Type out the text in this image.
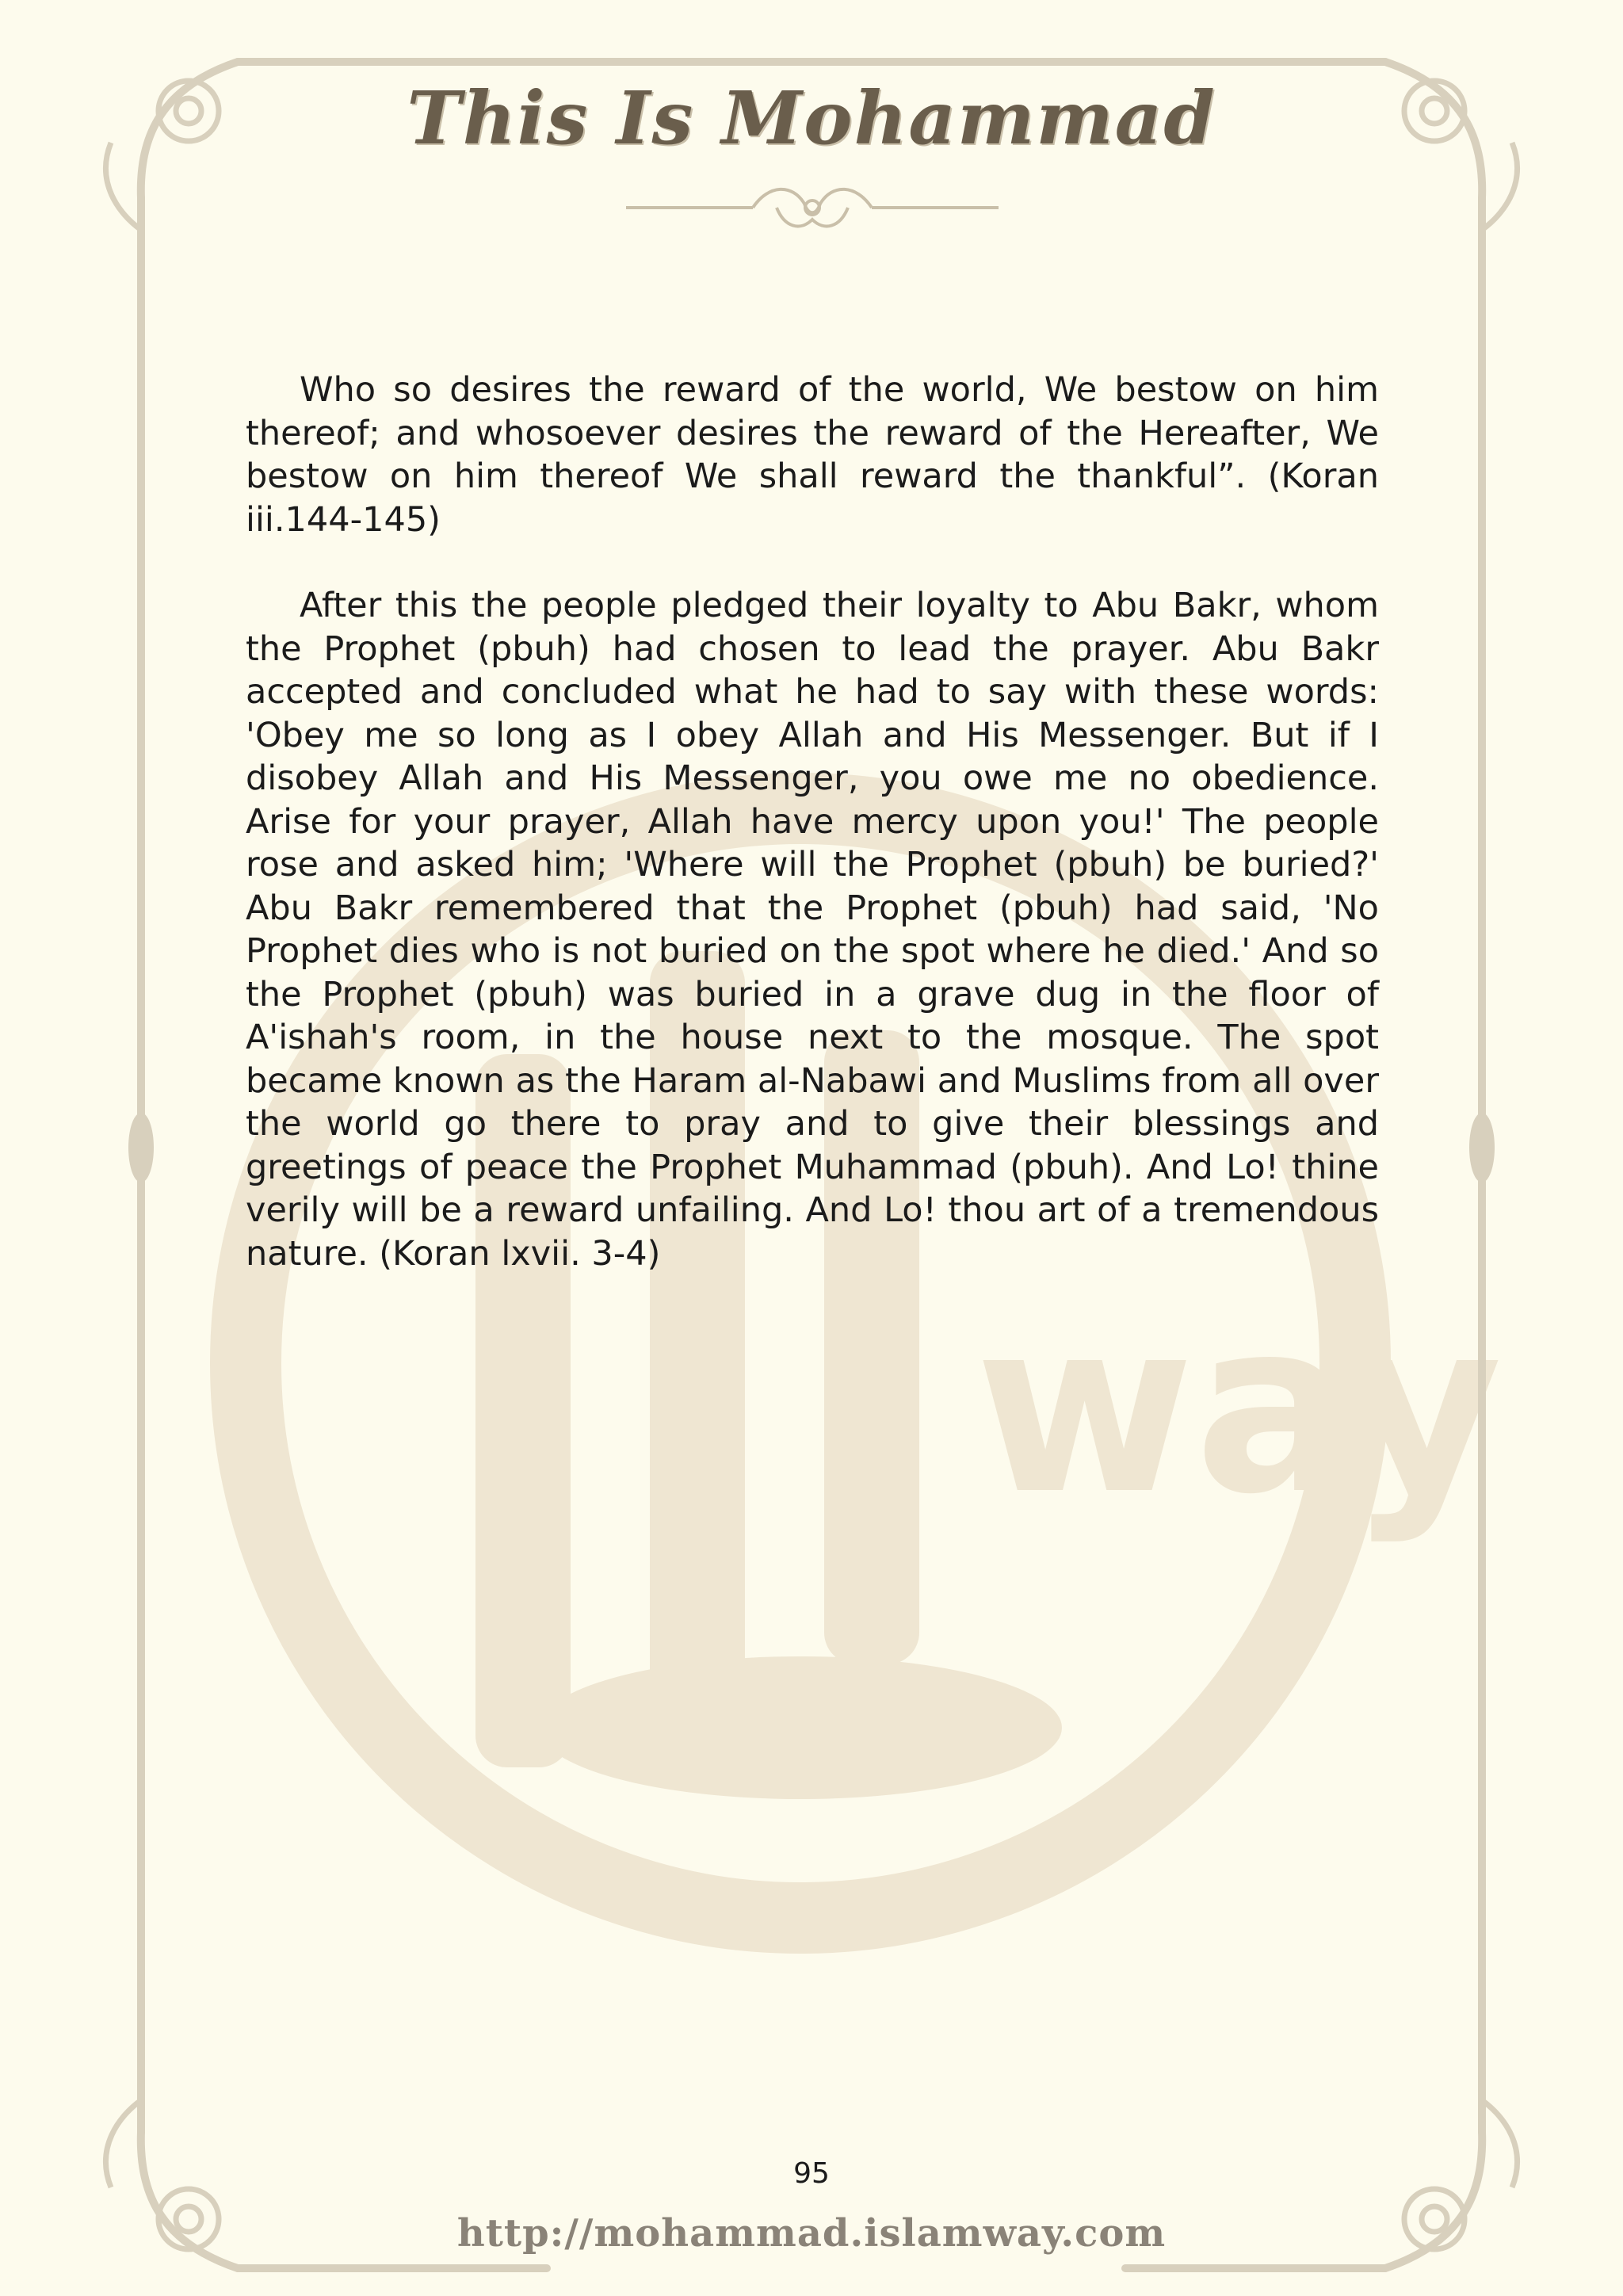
way
This Is Mohammad

Who so desires the reward of the world, We bestow on him thereof; and whosoever desires the reward of the Hereafter, We bestow on him thereof We shall reward the thankful”. (Koran iii.144-145)

After this the people pledged their loyalty to Abu Bakr, whom the Prophet (pbuh) had chosen to lead the prayer. Abu Bakr accepted and concluded what he had to say with these words: 'Obey me so long as I obey Allah and His Messenger. But if I disobey Allah and His Messenger, you owe me no obedience. Arise for your prayer, Allah have mercy upon you!' The people rose and asked him; 'Where will the Prophet (pbuh) be buried?' Abu Bakr remembered that the Prophet (pbuh) had said, 'No Prophet dies who is not buried on the spot where he died.' And so the Prophet (pbuh) was buried in a grave dug in the floor of A'ishah's room, in the house next to the mosque. The spot became known as the Haram al-Nabawi and Muslims from all over the world go there to pray and to give their blessings and greetings of peace the Prophet Muhammad (pbuh). And Lo! thine verily will be a reward unfailing. And Lo! thou art of a tremendous nature. (Koran lxvii. 3-4)

95
http://mohammad.islamway.com
